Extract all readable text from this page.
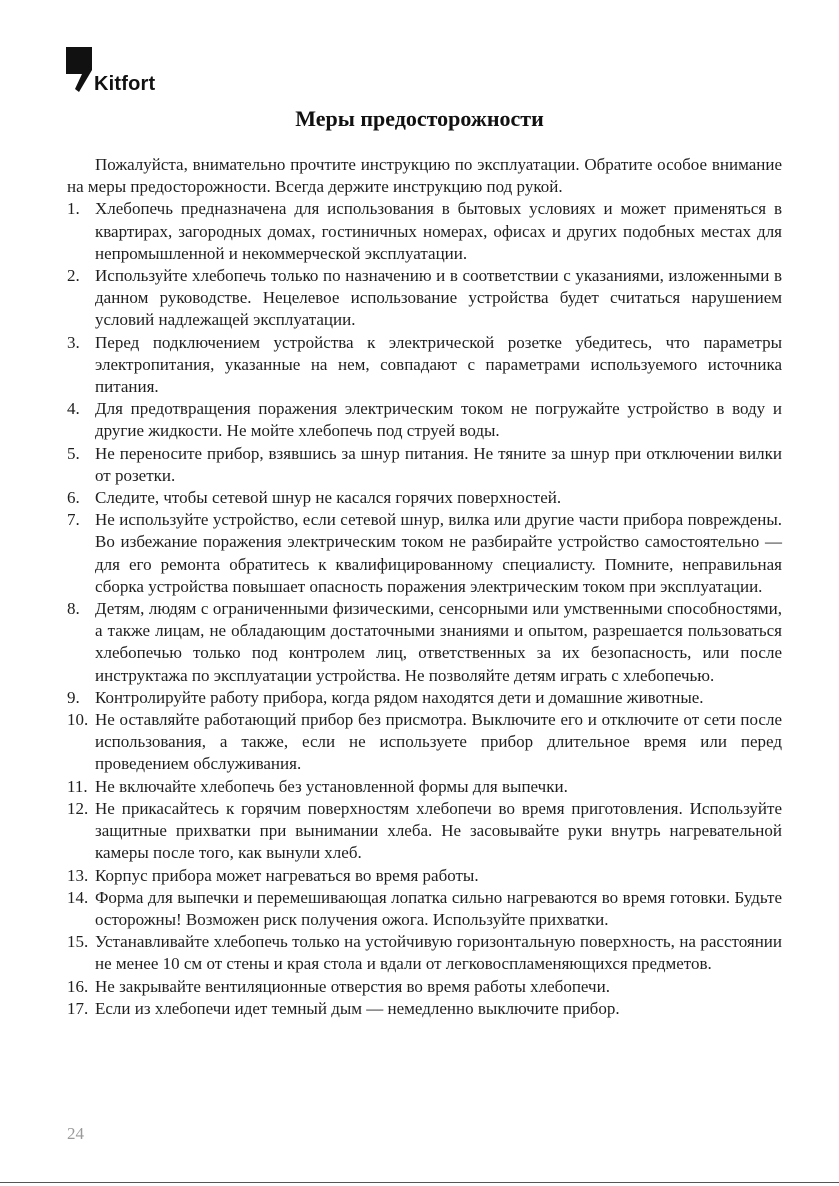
Kitfort
Меры предосторожности

Пожалуйста, внимательно прочтите инструкцию по эксплуатации. Обратите особое внимание на меры предосторожности. Всегда держите инструкцию под рукой.

1. Хлебопечь предназначена для использования в бытовых условиях и может применяться в квартирах, загородных домах, гостиничных номерах, офисах и других подобных местах для непромышленной и некоммерческой эксплуатации.
2. Используйте хлебопечь только по назначению и в соответствии с указаниями, изложенными в данном руководстве. Нецелевое использование устройства будет считаться нарушением условий надлежащей эксплуатации.
3. Перед подключением устройства к электрической розетке убедитесь, что параметры электропитания, указанные на нем, совпадают с параметрами используемого источника питания.
4. Для предотвращения поражения электрическим током не погружайте устройство в воду и другие жидкости. Не мойте хлебопечь под струей воды.
5. Не переносите прибор, взявшись за шнур питания. Не тяните за шнур при отключении вилки от розетки.
6. Следите, чтобы сетевой шнур не касался горячих поверхностей.
7. Не используйте устройство, если сетевой шнур, вилка или другие части прибора повреждены. Во избежание поражения электрическим током не разбирайте устройство самостоятельно — для его ремонта обратитесь к квалифицированному специалисту. Помните, неправильная сборка устройства повышает опасность поражения электрическим током при эксплуатации.
8. Детям, людям с ограниченными физическими, сенсорными или умственными способностями, а также лицам, не обладающим достаточными знаниями и опытом, разрешается пользоваться хлебопечью только под контролем лиц, ответственных за их безопасность, или после инструктажа по эксплуатации устройства. Не позволяйте детям играть с хлебопечью.
9. Контролируйте работу прибора, когда рядом находятся дети и домашние животные.
10. Не оставляйте работающий прибор без присмотра. Выключите его и отключите от сети после использования, а также, если не используете прибор длительное время или перед проведением обслуживания.
11. Не включайте хлебопечь без установленной формы для выпечки.
12. Не прикасайтесь к горячим поверхностям хлебопечи во время приготовления. Используйте защитные прихватки при вынимании хлеба. Не засовывайте руки внутрь нагревательной камеры после того, как вынули хлеб.
13. Корпус прибора может нагреваться во время работы.
14. Форма для выпечки и перемешивающая лопатка сильно нагреваются во время готовки. Будьте осторожны! Возможен риск получения ожога. Используйте прихватки.
15. Устанавливайте хлебопечь только на устойчивую горизонтальную поверхность, на расстоянии не менее 10 см от стены и края стола и вдали от легковоспламеняющихся предметов.
16. Не закрывайте вентиляционные отверстия во время работы хлебопечи.
17. Если из хлебопечи идет темный дым — немедленно выключите прибор.
24
